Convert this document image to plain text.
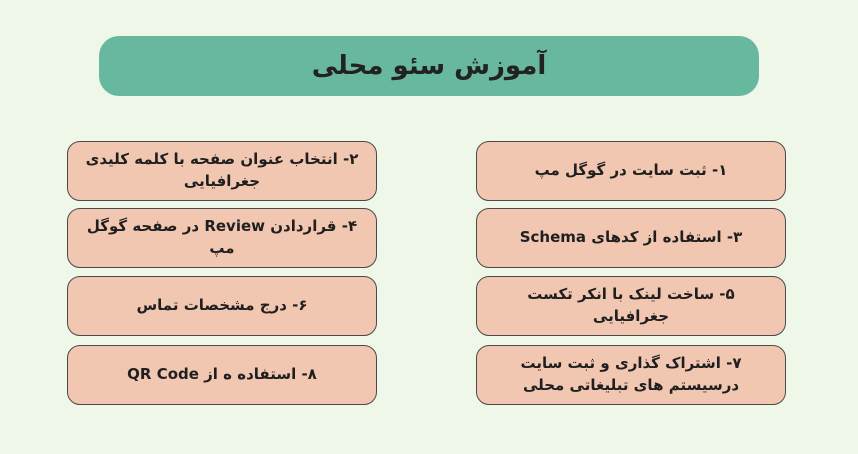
آموزش سئو محلی
۱- ثبت سایت در گوگل مپ
۲- انتخاب عنوان صفحه با کلمه کلیدی جغرافیایی
۳- استفاده از کدهای Schema
۴- قراردادن Review در صفحه گوگل مپ
۵- ساخت لینک با انکر تکست جغرافیایی
۶- درج مشخصات تماس
۷- اشتراک گذاری و ثبت سایت درسیستم های تبلیغاتی محلی
۸- استفاده ه از QR Code
